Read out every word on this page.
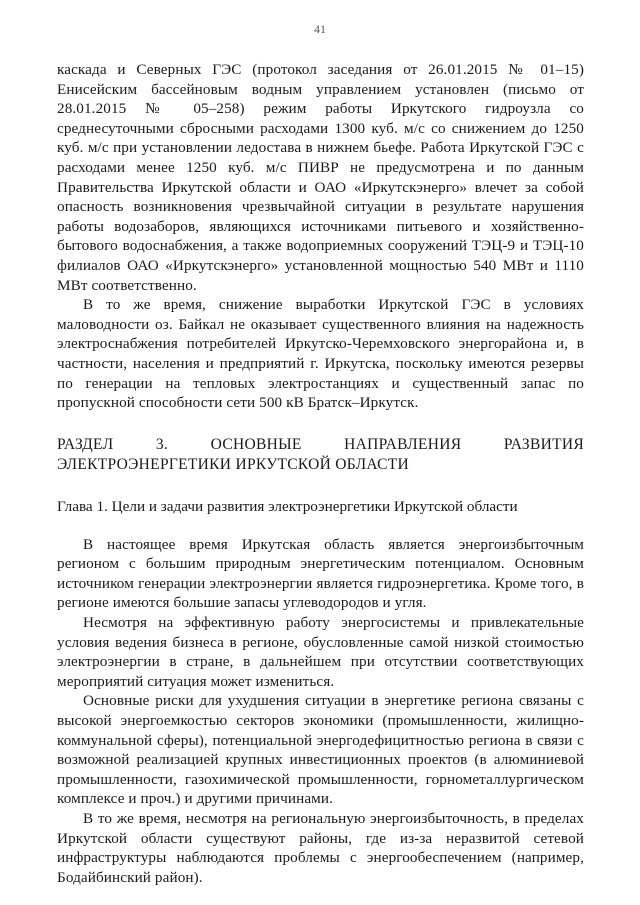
41

каскада и Северных ГЭС (протокол заседания от 26.01.2015 № 01–15) Енисейским бассейновым водным управлением установлен (письмо от 28.01.2015 № 05–258) режим работы Иркутского гидроузла со среднесуточными сбросными расходами 1300 куб. м/с со снижением до 1250 куб. м/с при установлении ледостава в нижнем бьефе. Работа Иркутской ГЭС с расходами менее 1250 куб. м/с ПИВР не предусмотрена и по данным Правительства Иркутской области и ОАО «Иркутскэнерго» влечет за собой опасность возникновения чрезвычайной ситуации в результате нарушения работы водозаборов, являющихся источниками питьевого и хозяйственно-бытового водоснабжения, а также водоприемных сооружений ТЭЦ-9 и ТЭЦ-10 филиалов ОАО «Иркутскэнерго» установленной мощностью 540 МВт и 1110 МВт соответственно.

В то же время, снижение выработки Иркутской ГЭС в условиях маловодности оз. Байкал не оказывает существенного влияния на надежность электроснабжения потребителей Иркутско-Черемховского энергорайона и, в частности, населения и предприятий г. Иркутска, поскольку имеются резервы по генерации на тепловых электростанциях и существенный запас по пропускной способности сети 500 кВ Братск–Иркутск.

РАЗДЕЛ 3. ОСНОВНЫЕ НАПРАВЛЕНИЯ РАЗВИТИЯ ЭЛЕКТРОЭНЕРГЕТИКИ ИРКУТСКОЙ ОБЛАСТИ

Глава 1. Цели и задачи развития электроэнергетики Иркутской области

В настоящее время Иркутская область является энергоизбыточным регионом с большим природным энергетическим потенциалом. Основным источником генерации электроэнергии является гидроэнергетика. Кроме того, в регионе имеются большие запасы углеводородов и угля.

Несмотря на эффективную работу энергосистемы и привлекательные условия ведения бизнеса в регионе, обусловленные самой низкой стоимостью электроэнергии в стране, в дальнейшем при отсутствии соответствующих мероприятий ситуация может измениться.

Основные риски для ухудшения ситуации в энергетике региона связаны с высокой энергоемкостью секторов экономики (промышленности, жилищно-коммунальной сферы), потенциальной энергодефицитностью региона в связи с возможной реализацией крупных инвестиционных проектов (в алюминиевой промышленности, газохимической промышленности, горнометаллургическом комплексе и проч.) и другими причинами.

В то же время, несмотря на региональную энергоизбыточность, в пределах Иркутской области существуют районы, где из-за неразвитой сетевой инфраструктуры наблюдаются проблемы с энергообеспечением (например, Бодайбинский район).
